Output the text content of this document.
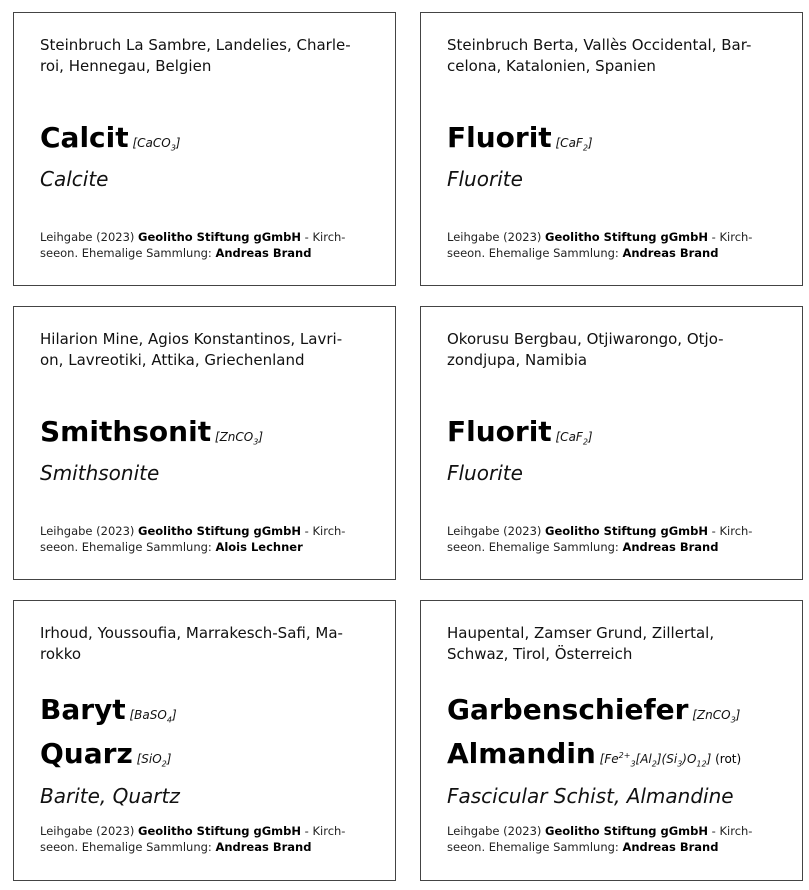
Steinbruch La Sambre, Landelies, Charle-
roi, Hennegau, Belgien
Calcit [CaCO$_3$]
Calcite
Leihgabe (2023) Geolitho Stiftung gGmbH - Kirch-
seeon. Ehemalige Sammlung: Andreas Brand
Steinbruch Berta, Vallès Occidental, Bar-
celona, Katalonien, Spanien
Fluorit [CaF$_2$]
Fluorite
Leihgabe (2023) Geolitho Stiftung gGmbH - Kirch-
seeon. Ehemalige Sammlung: Andreas Brand
Hilarion Mine, Agios Konstantinos, Lavri-
on, Lavreotiki, Attika, Griechenland
Smithsonit [ZnCO$_3$]
Smithsonite
Leihgabe (2023) Geolitho Stiftung gGmbH - Kirch-
seeon. Ehemalige Sammlung: Alois Lechner
Okorusu Bergbau, Otjiwarongo, Otjo-
zondjupa, Namibia
Fluorit [CaF$_2$]
Fluorite
Leihgabe (2023) Geolitho Stiftung gGmbH - Kirch-
seeon. Ehemalige Sammlung: Andreas Brand
Irhoud, Youssoufia, Marrakesch-Safi, Ma-
rokko
Baryt [BaSO$_4$]
Quarz [SiO$_2$]
Barite, Quartz
Leihgabe (2023) Geolitho Stiftung gGmbH - Kirch-
seeon. Ehemalige Sammlung: Andreas Brand
Haupental, Zamser Grund, Zillertal,
Schwaz, Tirol, Österreich
Garbenschiefer [ZnCO$_3$]
Almandin $[Fe^{2+}_3[Al_2](Si_3)O_{12}]$ (rot)
Fascicular Schist, Almandine
Leihgabe (2023) Geolitho Stiftung gGmbH - Kirch-
seeon. Ehemalige Sammlung: Andreas Brand
